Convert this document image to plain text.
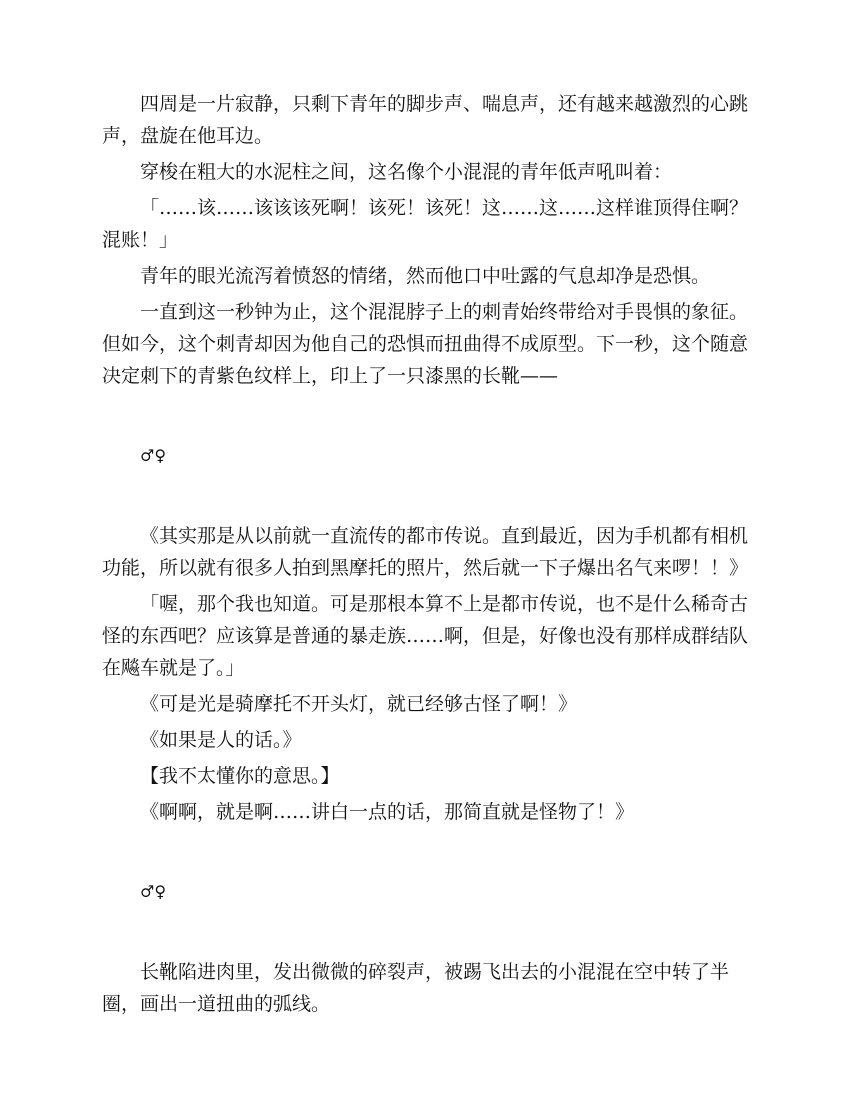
四周是一片寂静，只剩下青年的脚步声、喘息声，还有越来越激烈的心跳声，盘旋在他耳边。

穿梭在粗大的水泥柱之间，这名像个小混混的青年低声吼叫着：

「……该……该该该死啊！该死！该死！这……这……这样谁顶得住啊？混账！」

青年的眼光流泻着愤怒的情绪，然而他口中吐露的气息却净是恐惧。

一直到这一秒钟为止，这个混混脖子上的刺青始终带给对手畏惧的象征。但如今，这个刺青却因为他自己的恐惧而扭曲得不成原型。下一秒，这个随意决定刺下的青紫色纹样上，印上了一只漆黑的长靴——

♂♀

《其实那是从以前就一直流传的都市传说。直到最近，因为手机都有相机功能，所以就有很多人拍到黑摩托的照片，然后就一下子爆出名气来啰！！》

「喔，那个我也知道。可是那根本算不上是都市传说，也不是什么稀奇古怪的东西吧？应该算是普通的暴走族……啊，但是，好像也没有那样成群结队在飚车就是了。」

《可是光是骑摩托不开头灯，就已经够古怪了啊！》

《如果是人的话。》

【我不太懂你的意思。】

《啊啊，就是啊……讲白一点的话，那简直就是怪物了！》

♂♀

长靴陷进肉里，发出微微的碎裂声，被踢飞出去的小混混在空中转了半圈，画出一道扭曲的弧线。
